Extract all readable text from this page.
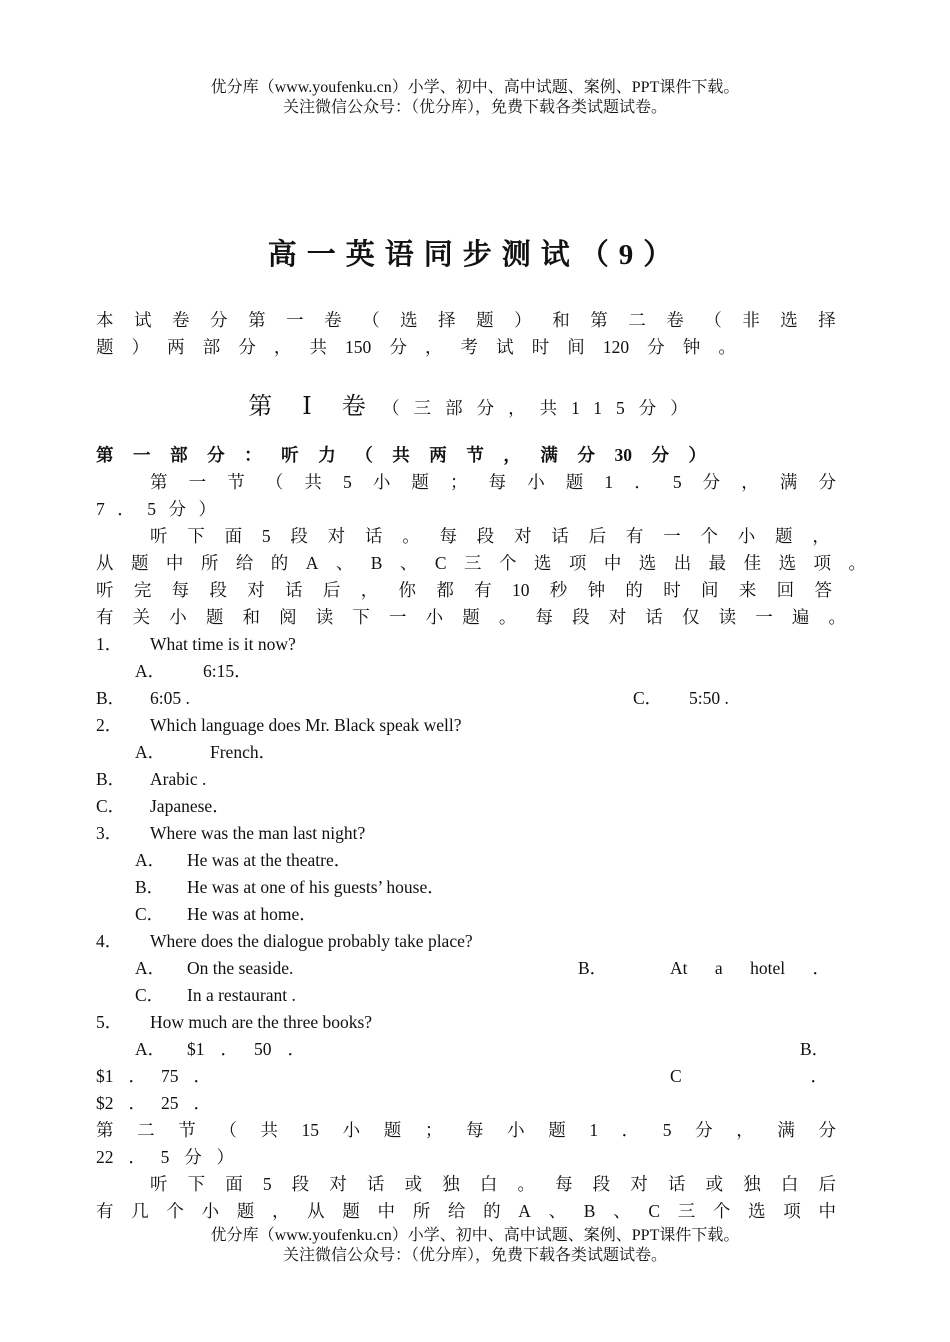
优分库（www.youfenku.cn）小学、初中、高中试题、案例、PPT课件下载。
关注微信公众号：（优分库），免费下载各类试题试卷。
高一英语同步测试（9）
本 试 卷 分 第 一 卷 （ 选 择 题 ） 和 第 二 卷 （ 非 选 择
题 ） 两 部 分 ， 共 150 分 ， 考 试 时 间 120 分 钟 。
第 Ⅰ 卷 （三部分，共115分）
第 一 部 分 ： 听 力 （ 共 两 节 ， 满 分 30 分 ）
第 一 节 （ 共 5 小 题 ； 每 小 题 1 ． 5 分 ， 满 分
7 ． 5 分 ）
听 下 面 5 段 对 话 。 每 段 对 话 后 有 一 个 小 题 ，
从 题 中 所 给 的 A 、 B 、 C 三 个 选 项 中 选 出 最 佳 选 项 。
听 完 每 段 对 话 后 ， 你 都 有 10 秒 钟 的 时 间 来 回 答
有 关 小 题 和 阅 读 下 一 小 题 。 每 段 对 话 仅 读 一 遍 。
1． What time is it now?
A． 6:15．
B． 6:05 .	C． 5:50 .
2． Which language does Mr. Black speak well?
A．	French．
B． Arabic .
C． Japanese．
3． Where was the man last night?
A． He was at the theatre．
B． He was at one of his guests’ house．
C． He was at home．
4． Where does the dialogue probably take place?
A． On the seaside.	B．	At a hotel ．
C． In a restaurant .
5． How much are the three books?
A． $1 ． 50 ．	B．
$1 ． 75 ．	C	．
$2 ． 25 ．
第 二 节 （ 共 15 小 题 ； 每 小 题 1 ． 5 分 ， 满 分
22 ． 5 分 ）
听 下 面 5 段 对 话 或 独 白 。 每 段 对 话 或 独 白 后
有 几 个 小 题 ， 从 题 中 所 给 的 A 、 B 、 C 三 个 选 项 中
优分库（www.youfenku.cn）小学、初中、高中试题、案例、PPT课件下载。
关注微信公众号：（优分库），免费下载各类试题试卷。
